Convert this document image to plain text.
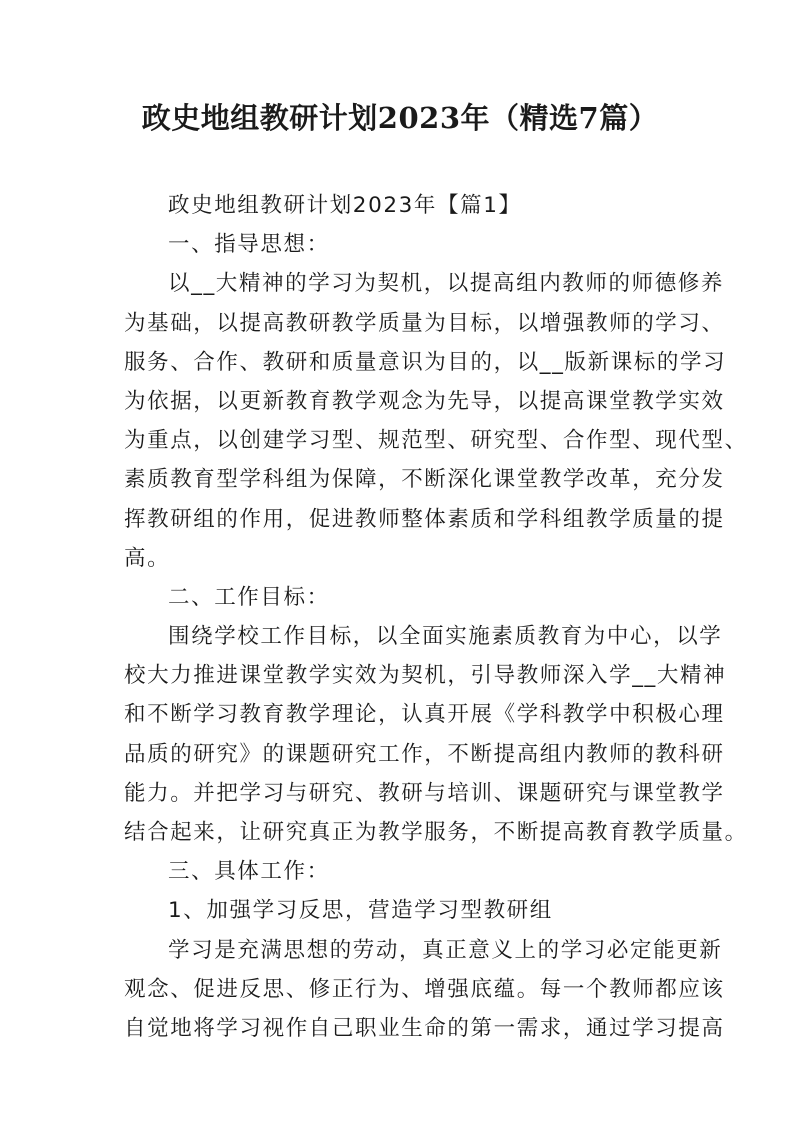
政史地组教研计划2023年（精选7篇）
政史地组教研计划2023年【篇1】
一、指导思想：
以__大精神的学习为契机，以提高组内教师的师德修养
为基础，以提高教研教学质量为目标，以增强教师的学习、
服务、合作、教研和质量意识为目的，以__版新课标的学习
为依据，以更新教育教学观念为先导，以提高课堂教学实效
为重点，以创建学习型、规范型、研究型、合作型、现代型、
素质教育型学科组为保障，不断深化课堂教学改革，充分发
挥教研组的作用，促进教师整体素质和学科组教学质量的提
高。
二、工作目标：
围绕学校工作目标，以全面实施素质教育为中心，以学
校大力推进课堂教学实效为契机，引导教师深入学__大精神
和不断学习教育教学理论，认真开展《学科教学中积极心理
品质的研究》的课题研究工作，不断提高组内教师的教科研
能力。并把学习与研究、教研与培训、课题研究与课堂教学
结合起来，让研究真正为教学服务，不断提高教育教学质量。
三、具体工作：
1、加强学习反思，营造学习型教研组
学习是充满思想的劳动，真正意义上的学习必定能更新
观念、促进反思、修正行为、增强底蕴。每一个教师都应该
自觉地将学习视作自己职业生命的第一需求，通过学习提高
